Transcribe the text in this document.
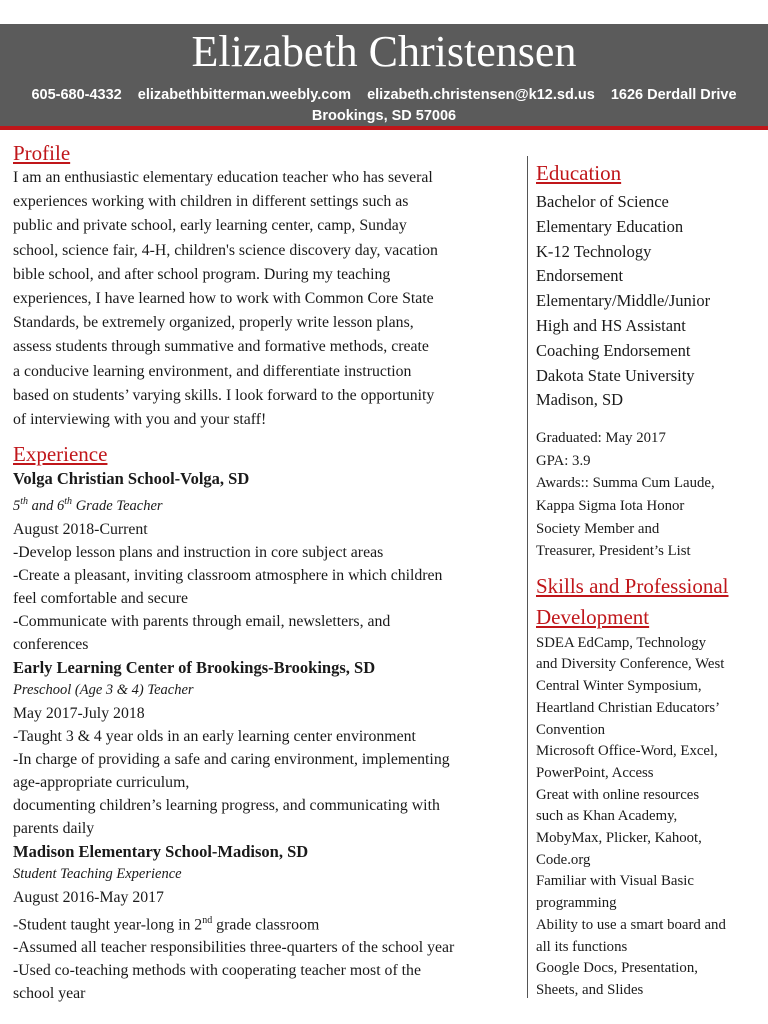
Elizabeth Christensen
605-680-4332 elizabethbitterman.weebly.com elizabeth.christensen@k12.sd.us 1626 Derdall Drive
Brookings, SD 57006
Profile
I am an enthusiastic elementary education teacher who has several
experiences working with children in different settings such as
public and private school, early learning center, camp, Sunday
school, science fair, 4-H, children's science discovery day, vacation
bible school, and after school program. During my teaching
experiences, I have learned how to work with Common Core State
Standards, be extremely organized, properly write lesson plans,
assess students through summative and formative methods, create
a conducive learning environment, and differentiate instruction
based on students’ varying skills. I look forward to the opportunity
of interviewing with you and your staff!
Experience
Volga Christian School-Volga, SD
5th and 6th Grade Teacher
August 2018-Current
-Develop lesson plans and instruction in core subject areas
-Create a pleasant, inviting classroom atmosphere in which children
feel comfortable and secure
-Communicate with parents through email, newsletters, and
conferences
Early Learning Center of Brookings-Brookings, SD
Preschool (Age 3 & 4) Teacher
May 2017-July 2018
-Taught 3 & 4 year olds in an early learning center environment
-In charge of providing a safe and caring environment, implementing
age-appropriate curriculum,
documenting children’s learning progress, and communicating with
parents daily
Madison Elementary School-Madison, SD
Student Teaching Experience
August 2016-May 2017
-Student taught year-long in 2nd grade classroom
-Assumed all teacher responsibilities three-quarters of the school year
-Used co-teaching methods with cooperating teacher most of the
school year
Education
Bachelor of Science
Elementary Education
K-12 Technology
Endorsement
Elementary/Middle/Junior
High and HS Assistant
Coaching Endorsement
Dakota State University
Madison, SD
Graduated: May 2017
GPA: 3.9
Awards:: Summa Cum Laude,
Kappa Sigma Iota Honor
Society Member and
Treasurer, President’s List
Skills and Professional
Development
SDEA EdCamp, Technology
and Diversity Conference, West
Central Winter Symposium,
Heartland Christian Educators’
Convention
Microsoft Office-Word, Excel,
PowerPoint, Access
Great with online resources
such as Khan Academy,
MobyMax, Plicker, Kahoot,
Code.org
Familiar with Visual Basic
programming
Ability to use a smart board and
all its functions
Google Docs, Presentation,
Sheets, and Slides
